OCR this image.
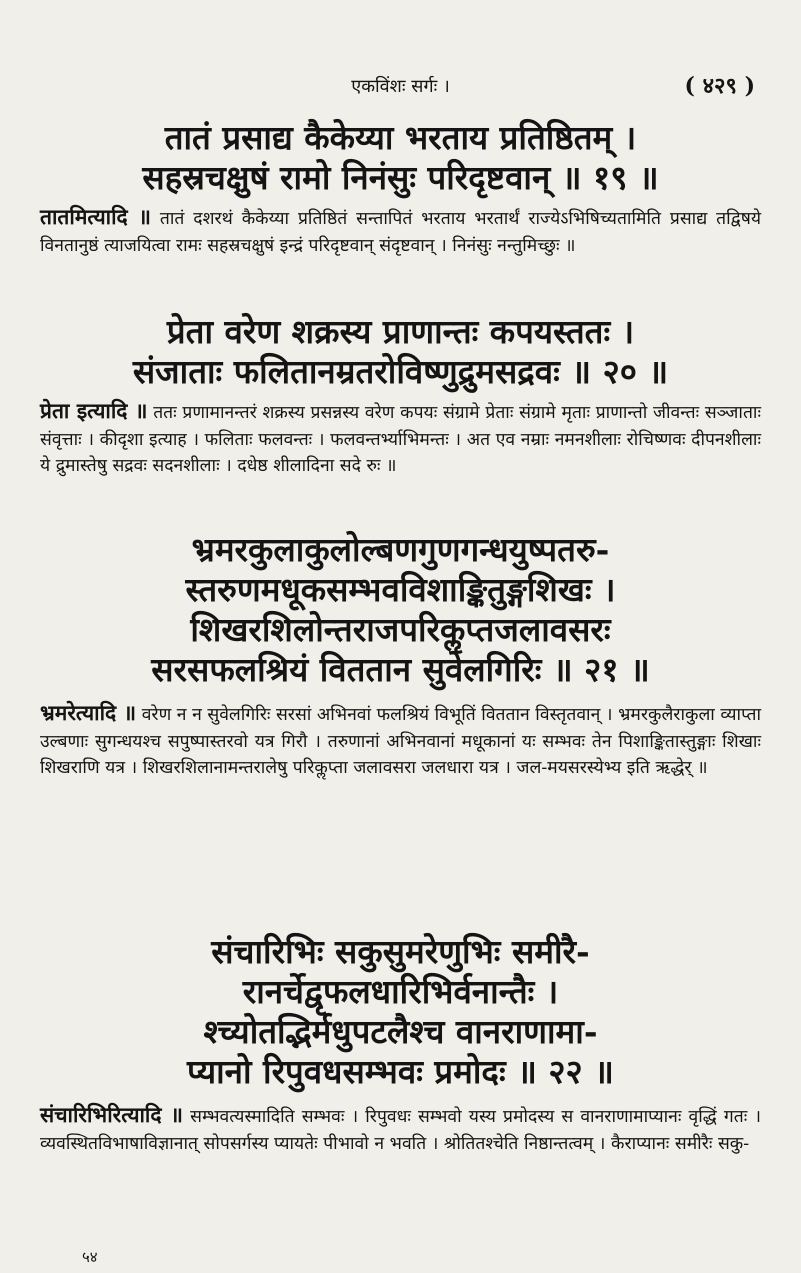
एकविंशः सर्गः ।	( ४२९ )

तातं प्रसाद्य कैकेय्या भरताय प्रतिष्ठितम् ।

सहस्रचक्षुषं रामो निनंसुः परिदृष्टवान् ॥ १९ ॥

तातमित्यादि ॥ तातं दशरथं कैकेय्या प्रतिष्ठितं सन्तापितं भरताय भरतार्थं राज्येऽभिषिच्यतामिति प्रसाद्य तद्विषये विनतानुष्ठं त्याजयित्वा रामः सहस्रचक्षुषं इन्द्रं परिदृष्टवान् संदृष्टवान् । निनंसुः नन्तुमिच्छुः ॥

प्रेता वरेण शक्रस्य प्राणान्तः कपयस्ततः ।

संजाताः फलितानम्रतरोविष्णुद्रुमसद्रवः ॥ २० ॥

प्रेता इत्यादि ॥ ततः प्रणामानन्तरं शक्रस्य प्रसन्नस्य वरेण कपयः संग्रामे प्रेताः संग्रामे मृताः प्राणान्तो जीवन्तः सञ्जाताः संवृत्ताः । कीदृशा इत्याह । फलिताः फलवन्तः । फलवन्तर्भ्याभिमन्तः । अत एव नम्राः नमनशीलाः रोचिष्णवः दीपनशीलाः ये द्रुमास्तेषु सद्रवः सदनशीलाः । दधेष्ठ शीलादिना सदे रुः ॥

भ्रमरकुलाकुलोल्बणगुणगन्धयुष्पतरु-

स्तरुणमधूकसम्भवविशाङ्कितुङ्गशिखः ।

शिखरशिलोन्तराजपरिकॢप्तजलावसरः

सरसफलश्रियं विततान सुवेलगिरिः ॥ २१ ॥

भ्रमरेत्यादि ॥ वरेण न न सुवेलगिरिः सरसां अभिनवां फलश्रियं विभूतिं विततान विस्तृतवान् । भ्रमरकुलैराकुला व्याप्ता उल्बणाः सुगन्धयश्च सपुष्पास्तरवो यत्र गिरौ । तरुणानां अभिनवानां मधूकानां यः सम्भवः तेन पिशाङ्कितास्तुङ्गाः शिखाः शिखराणि यत्र । शिखरशिलानामन्तरालेषु परिकॢप्ता जलावसरा जलधारा यत्र । जल-मयसरस्येभ्य इति ऋद्धेर् ॥

संचारिभिः सकुसुमरेणुभिः समीरै-

रानर्चेद्वृफलधारिभिर्वनान्तैः ।

श्च्योतद्भिर्मधुपटलैश्च वानराणामा-

प्यानो रिपुवधसम्भवः प्रमोदः ॥ २२ ॥

संचारिभिरित्यादि ॥ सम्भवत्यस्मादिति सम्भवः । रिपुवधः सम्भवो यस्य प्रमोदस्य स वानराणामाप्यानः वृद्धिं गतः । व्यवस्थितविभाषाविज्ञानात् सोपसर्गस्य प्यायतेः पीभावो न भवति । श्रोतितश्चेति निष्ठान्तत्वम् । कैराप्यानः समीरैः सकु-

५४
